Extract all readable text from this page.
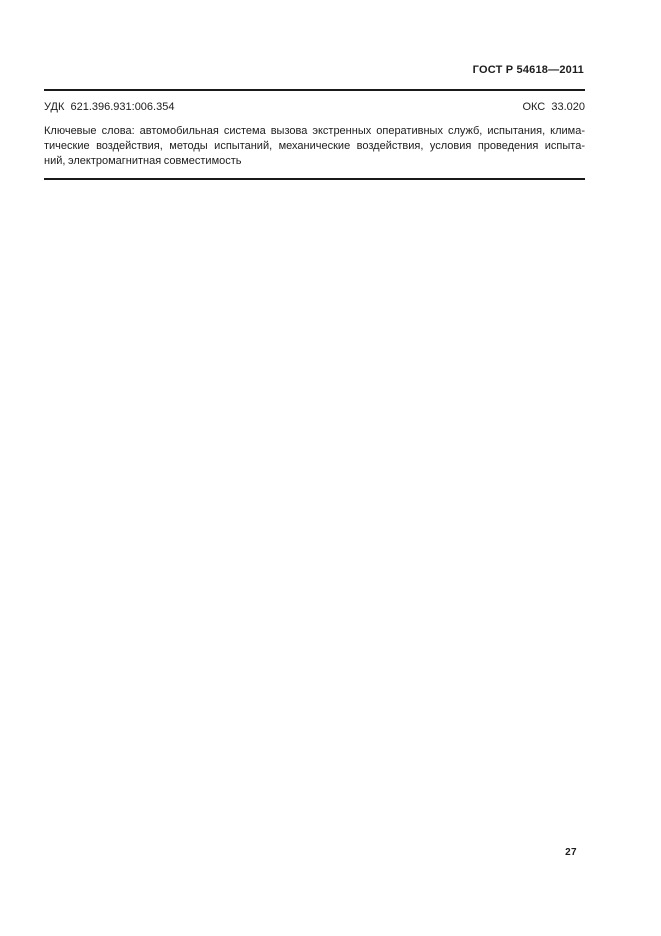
ГОСТ Р 54618—2011
УДК  621.396.931:006.354	ОКС  33.020
Ключевые слова: автомобильная система вызова экстренных оперативных служб, испытания, клима-
тические воздействия, методы испытаний, механические воздействия, условия проведения испыта-
ний, электромагнитная совместимость
27
